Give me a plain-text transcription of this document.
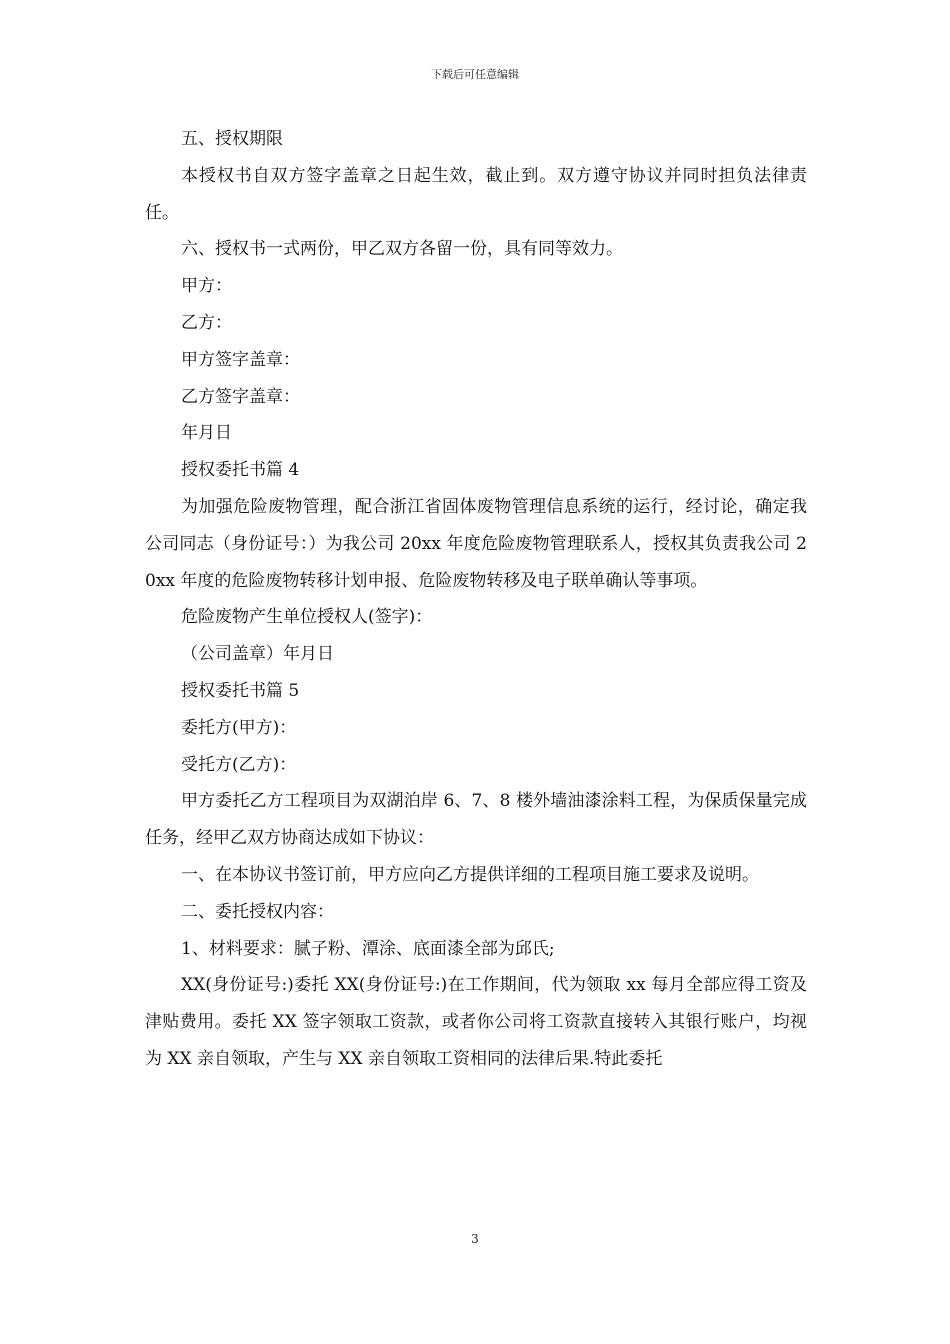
下载后可任意编辑

五、授权期限

本授权书自双方签字盖章之日起生效，截止到。双方遵守协议并同时担负法律责任。

六、授权书一式两份，甲乙双方各留一份，具有同等效力。

甲方：

乙方：

甲方签字盖章：

乙方签字盖章：

年月日

授权委托书篇 4

为加强危险废物管理，配合浙江省固体废物管理信息系统的运行，经讨论，确定我公司同志（身份证号：）为我公司 20xx 年度危险废物管理联系人，授权其负责我公司 20xx 年度的危险废物转移计划申报、危险废物转移及电子联单确认等事项。

危险废物产生单位授权人(签字)：

（公司盖章）年月日

授权委托书篇 5

委托方(甲方)：

受托方(乙方)：

甲方委托乙方工程项目为双湖泊岸 6、7、8 楼外墙油漆涂料工程，为保质保量完成任务，经甲乙双方协商达成如下协议：

一、在本协议书签订前，甲方应向乙方提供详细的工程项目施工要求及说明。

二、委托授权内容：

1、材料要求：腻子粉、潭涂、底面漆全部为邱氏;

XX(身份证号:)委托 XX(身份证号:)在工作期间，代为领取 xx 每月全部应得工资及津贴费用。委托 XX 签字领取工资款，或者你公司将工资款直接转入其银行账户，均视为 XX 亲自领取，产生与 XX 亲自领取工资相同的法律后果.特此委托

3
